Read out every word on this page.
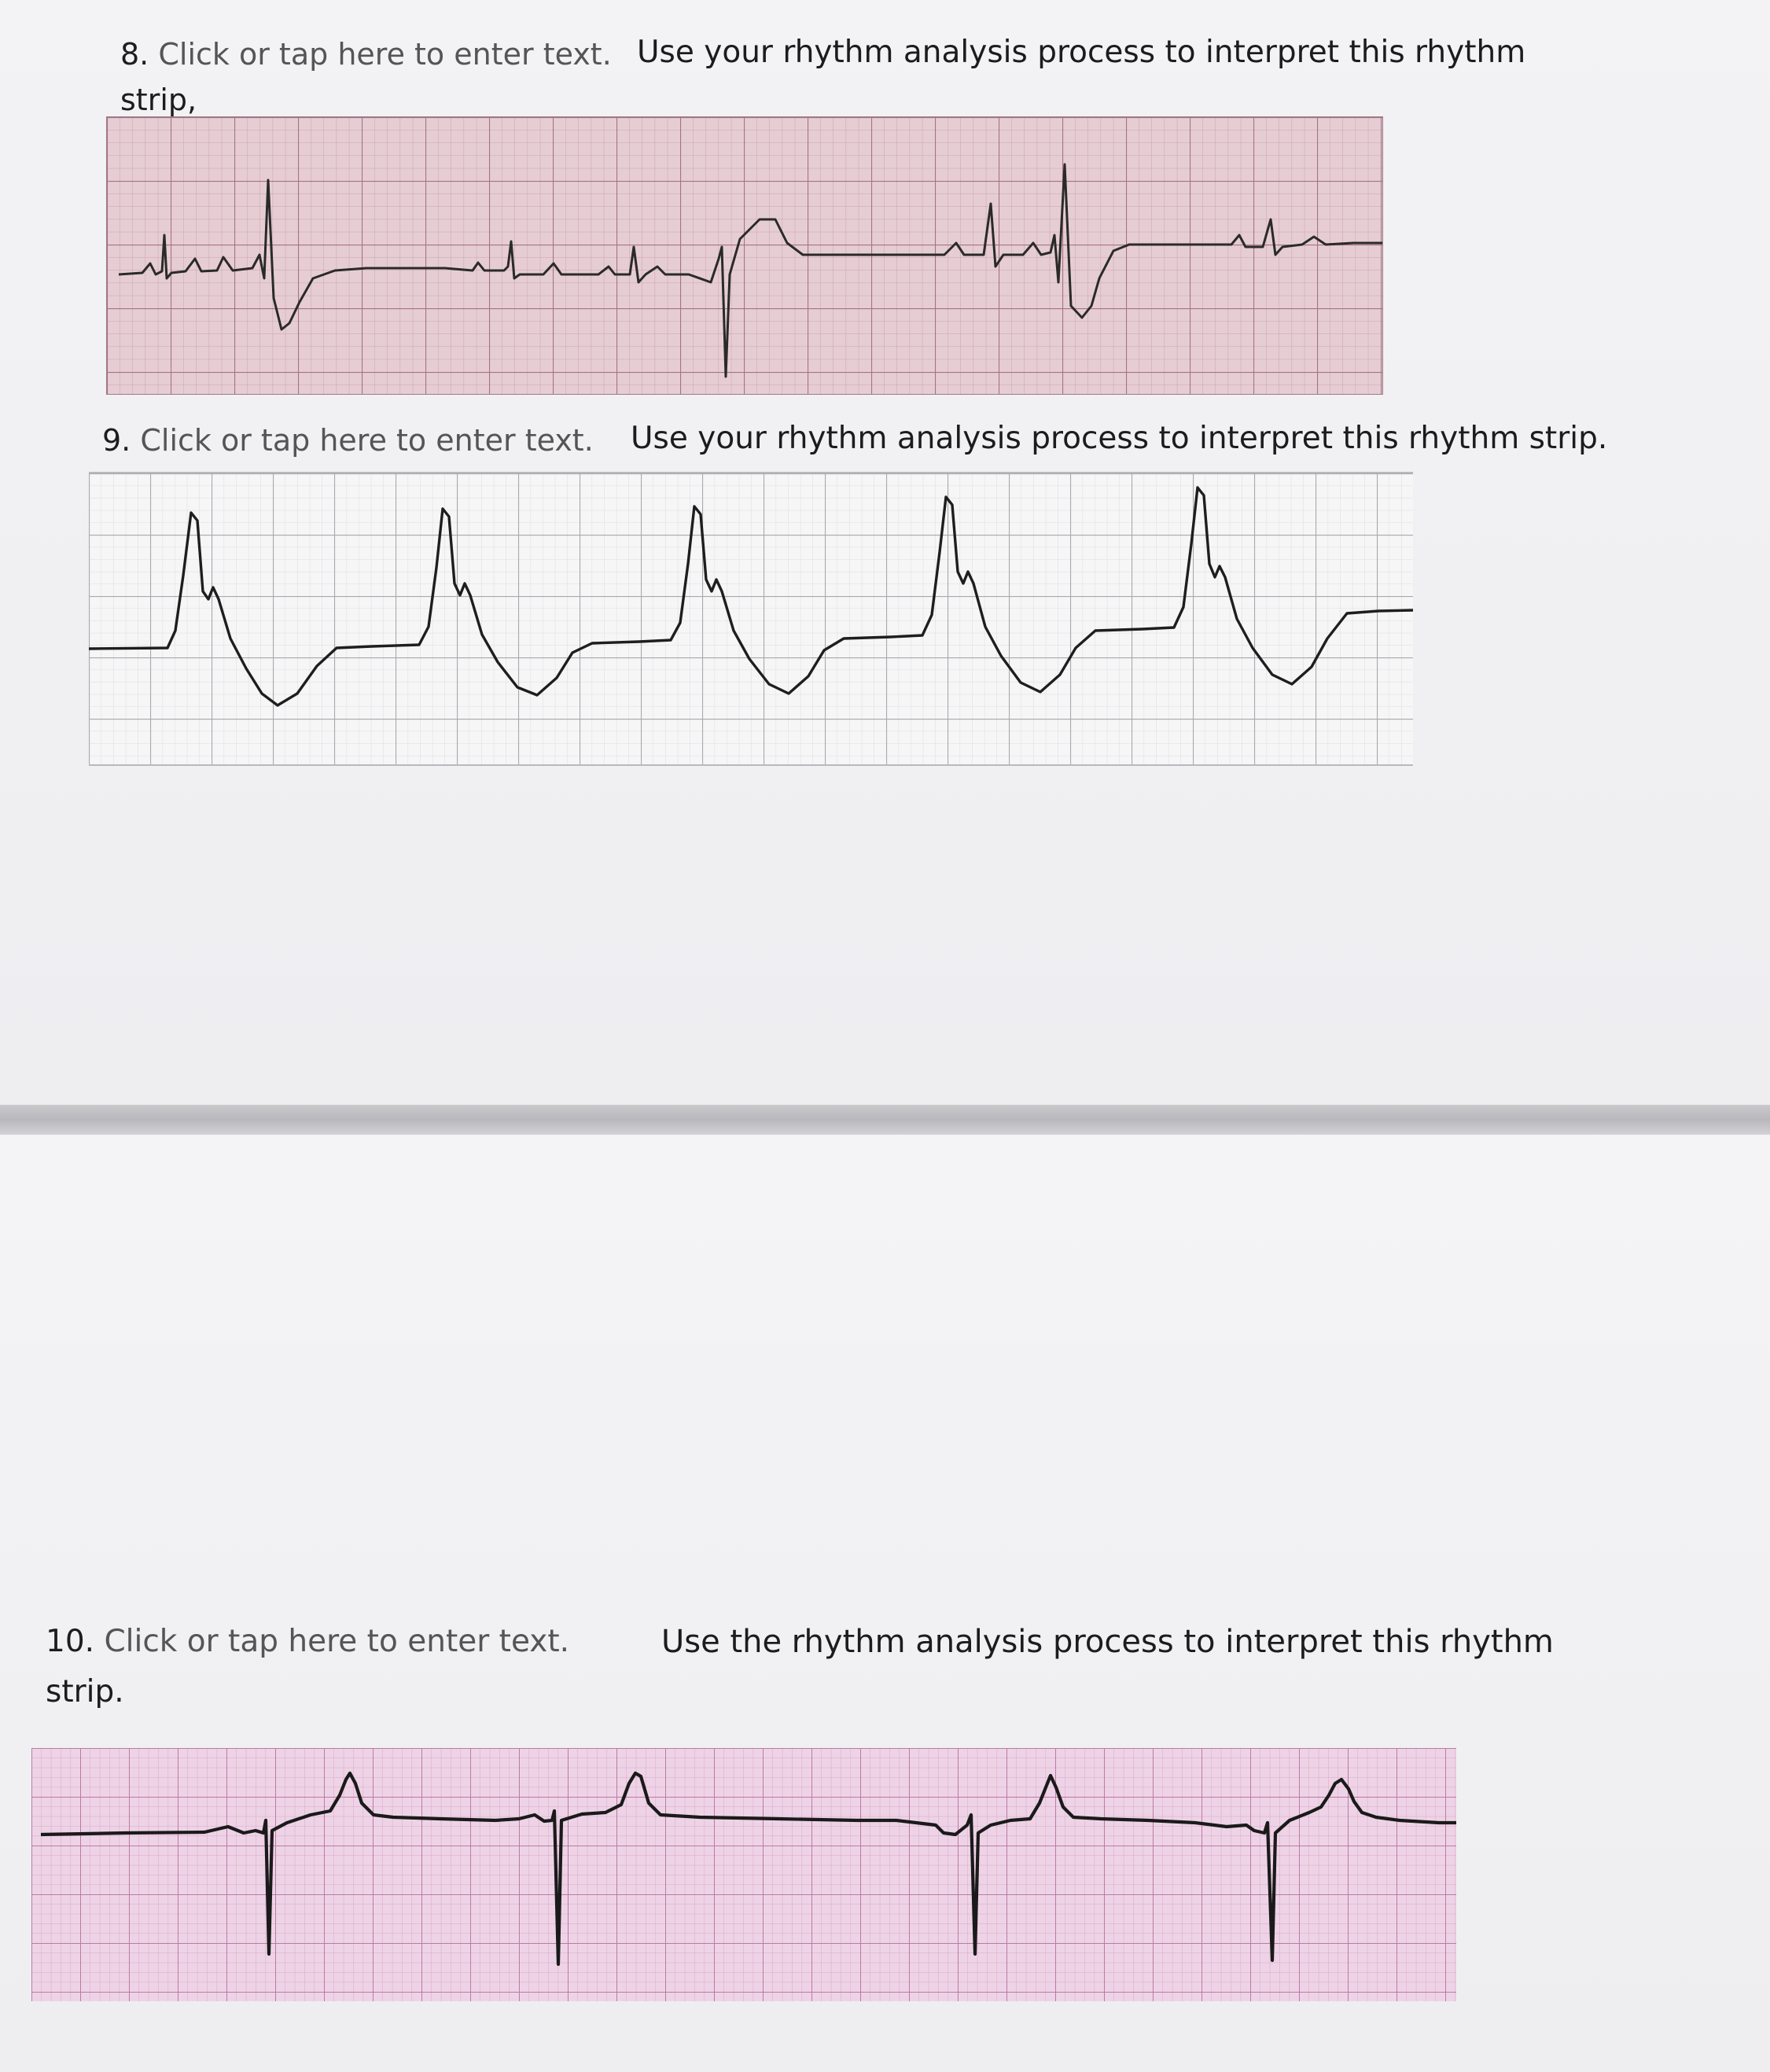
8. Click or tap here to enter text. Use your rhythm analysis process to interpret this rhythm
strip,
9. Click or tap here to enter text. Use your rhythm analysis process to interpret this rhythm strip.
10. Click or tap here to enter text.	Use the rhythm analysis process to interpret this rhythm
strip.
